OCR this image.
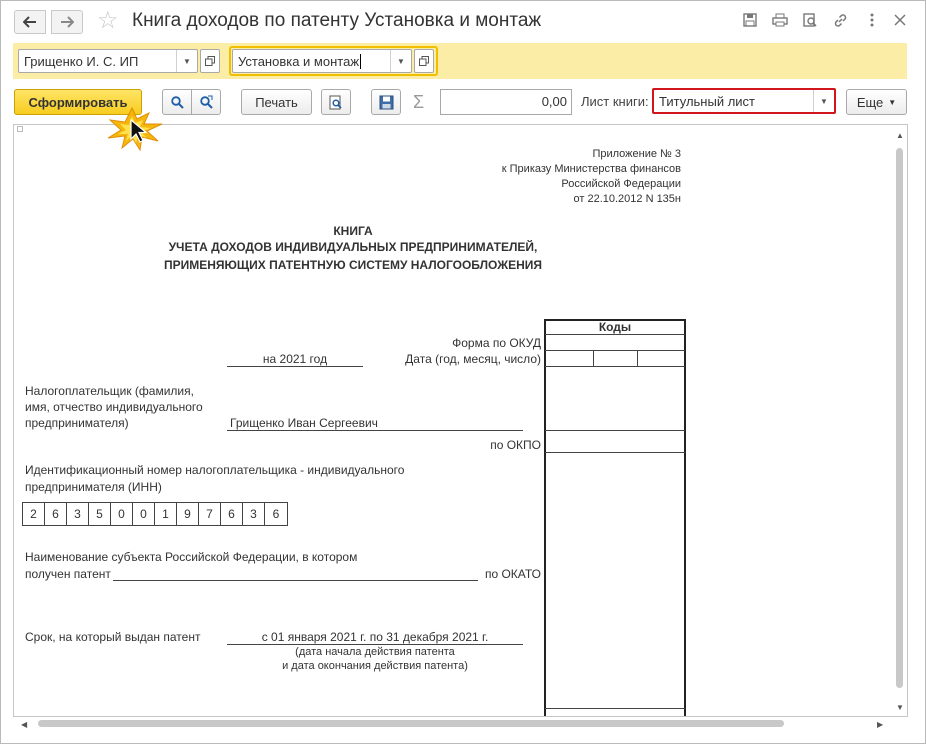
☆ Книга доходов по патенту Установка и монтаж
Грищенко И. С. ИП	▼	Установка и монтаж	▼
Сформировать	Печать	Σ	0,00	Лист книги: Титульный лист	▼	Еще ▼
Приложение № 3
к Приказу Министерства финансов
Российской Федерации
от 22.10.2012 N 135н
КНИГА
УЧЕТА ДОХОДОВ ИНДИВИДУАЛЬНЫХ ПРЕДПРИНИМАТЕЛЕЙ,
ПРИМЕНЯЮЩИХ ПАТЕНТНУЮ СИСТЕМУ НАЛОГООБЛОЖЕНИЯ
Коды
Форма по ОКУД
Дата (год, месяц, число)
на 2021 год
Налогоплательщик (фамилия,
имя, отчество индивидуального
предпринимателя)	Грищенко Иван Сергеевич
по ОКПО
Идентификационный номер налогоплательщика - индивидуального
предпринимателя (ИНН)
2	6	3	5	0	0	1	9	7	6	3	6
Наименование субъекта Российской Федерации, в котором
получен патент	по ОКАТО
Срок, на который выдан патент	с 01 января 2021 г. по 31 декабря 2021 г.
(дата начала действия патента
и дата окончания действия патента)
▲
▼
◀	▶
